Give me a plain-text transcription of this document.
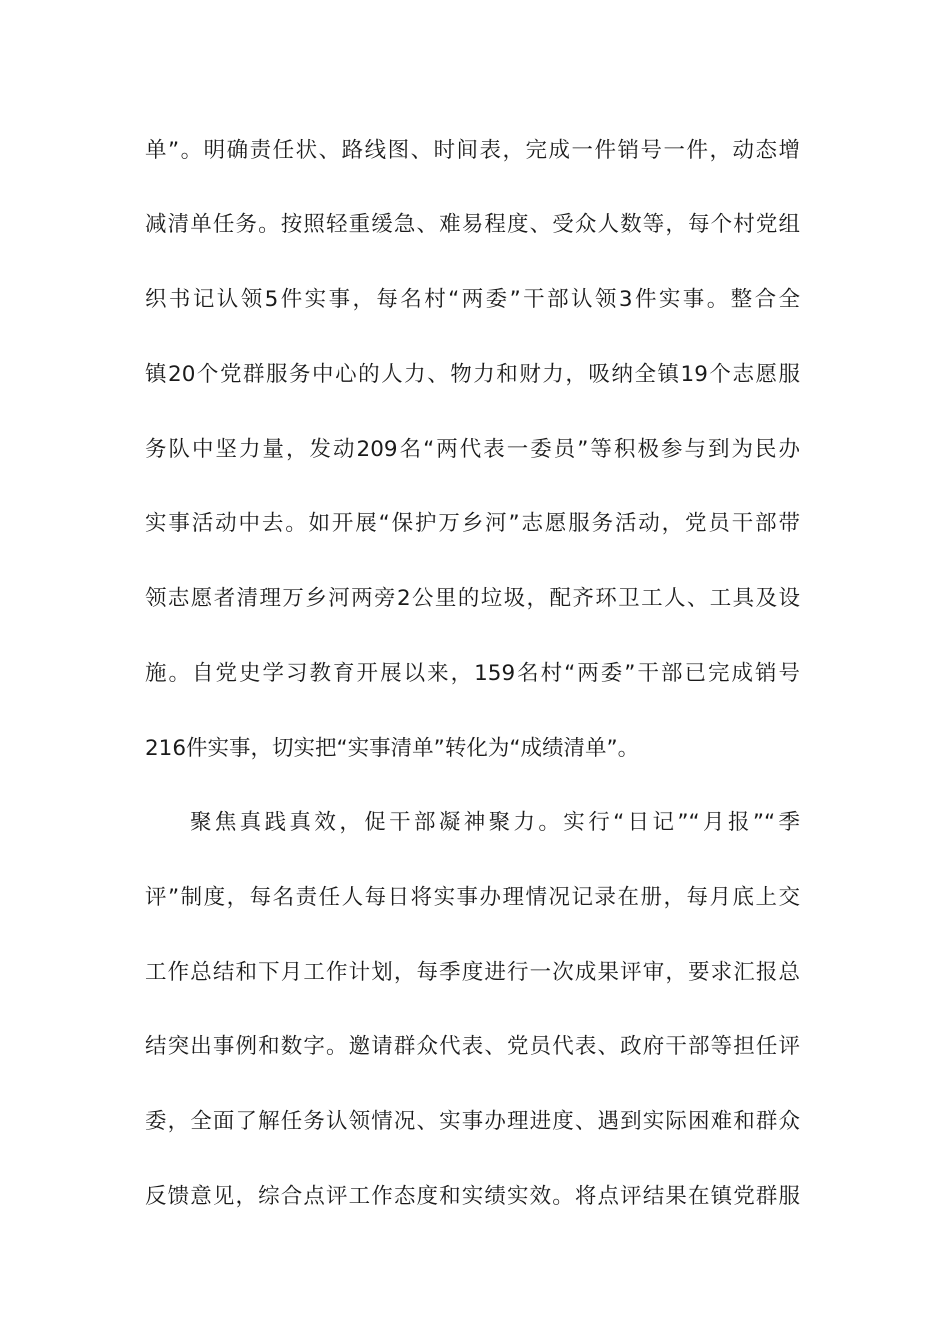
单”。明确责任状、路线图、时间表，完成一件销号一件，动态增
减清单任务。按照轻重缓急、难易程度、受众人数等，每个村党组
织书记认领5件实事，每名村“两委”干部认领3件实事。整合全
镇20个党群服务中心的人力、物力和财力，吸纳全镇19个志愿服
务队中坚力量，发动209名“两代表一委员”等积极参与到为民办
实事活动中去。如开展“保护万乡河”志愿服务活动，党员干部带
领志愿者清理万乡河两旁2公里的垃圾，配齐环卫工人、工具及设
施。自党史学习教育开展以来，159名村“两委”干部已完成销号
216件实事，切实把“实事清单”转化为“成绩清单”。
聚焦真践真效，促干部凝神聚力。实行“日记”“月报”“季
评”制度，每名责任人每日将实事办理情况记录在册，每月底上交
工作总结和下月工作计划，每季度进行一次成果评审，要求汇报总
结突出事例和数字。邀请群众代表、党员代表、政府干部等担任评
委，全面了解任务认领情况、实事办理进度、遇到实际困难和群众
反馈意见，综合点评工作态度和实绩实效。将点评结果在镇党群服
